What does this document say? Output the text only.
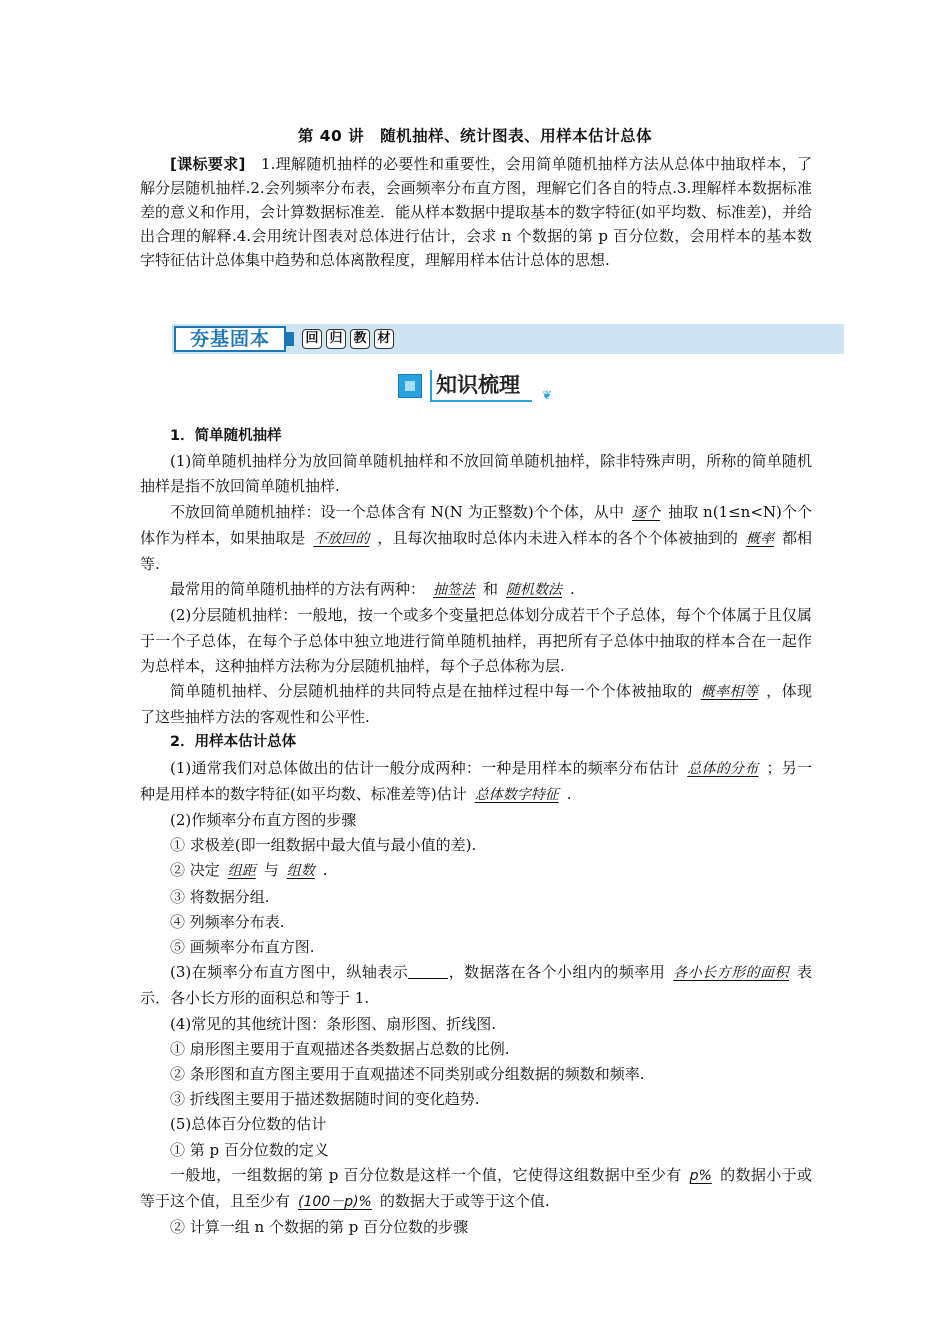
第 40 讲　随机抽样、统计图表、用样本估计总体
[课标要求]　1.理解随机抽样的必要性和重要性，会用简单随机抽样方法从总体中抽取样本，了解分层随机抽样.2.会列频率分布表，会画频率分布直方图，理解它们各自的特点.3.理解样本数据标准差的意义和作用，会计算数据标准差．能从样本数据中提取基本的数字特征(如平均数、标准差)，并给出合理的解释.4.会用统计图表对总体进行估计，会求 n 个数据的第 p 百分位数，会用样本的基本数字特征估计总体集中趋势和总体离散程度，理解用样本估计总体的思想.
夯基固本	回 归 教 材
知识梳理	❦

1．简单随机抽样

(1)简单随机抽样分为放回简单随机抽样和不放回简单随机抽样，除非特殊声明，所称的简单随机抽样是指不放回简单随机抽样.

不放回简单随机抽样：设一个总体含有 N(N 为正整数)个个体，从中 逐个 抽取 n(1≤n<N)个个体作为样本，如果抽取是 不放回的 ，且每次抽取时总体内未进入样本的各个个体被抽到的 概率 都相等.

最常用的简单随机抽样的方法有两种： 抽签法 和 随机数法 .

(2)分层随机抽样：一般地，按一个或多个变量把总体划分成若干个子总体，每个个体属于且仅属于一个子总体，在每个子总体中独立地进行简单随机抽样，再把所有子总体中抽取的样本合在一起作为总样本，这种抽样方法称为分层随机抽样，每个子总体称为层.

简单随机抽样、分层随机抽样的共同特点是在抽样过程中每一个个体被抽取的 概率相等 ，体现了这些抽样方法的客观性和公平性.

2．用样本估计总体

(1)通常我们对总体做出的估计一般分成两种：一种是用样本的频率分布估计 总体的分布 ；另一种是用样本的数字特征(如平均数、标准差等)估计 总体数字特征 .

(2)作频率分布直方图的步骤

① 求极差(即一组数据中最大值与最小值的差).

② 决定 组距 与 组数 .

③ 将数据分组.

④ 列频率分布表.

⑤ 画频率分布直方图.

(3)在频率分布直方图中，纵轴表示	，数据落在各个小组内的频率用 各小长方形的面积 表示．各小长方形的面积总和等于 1.

(4)常见的其他统计图：条形图、扇形图、折线图.

① 扇形图主要用于直观描述各类数据占总数的比例.

② 条形图和直方图主要用于直观描述不同类别或分组数据的频数和频率.

③ 折线图主要用于描述数据随时间的变化趋势.

(5)总体百分位数的估计

① 第 p 百分位数的定义

一般地，一组数据的第 p 百分位数是这样一个值，它使得这组数据中至少有 p% 的数据小于或等于这个值，且至少有 (100－p)% 的数据大于或等于这个值.

② 计算一组 n 个数据的第 p 百分位数的步骤
